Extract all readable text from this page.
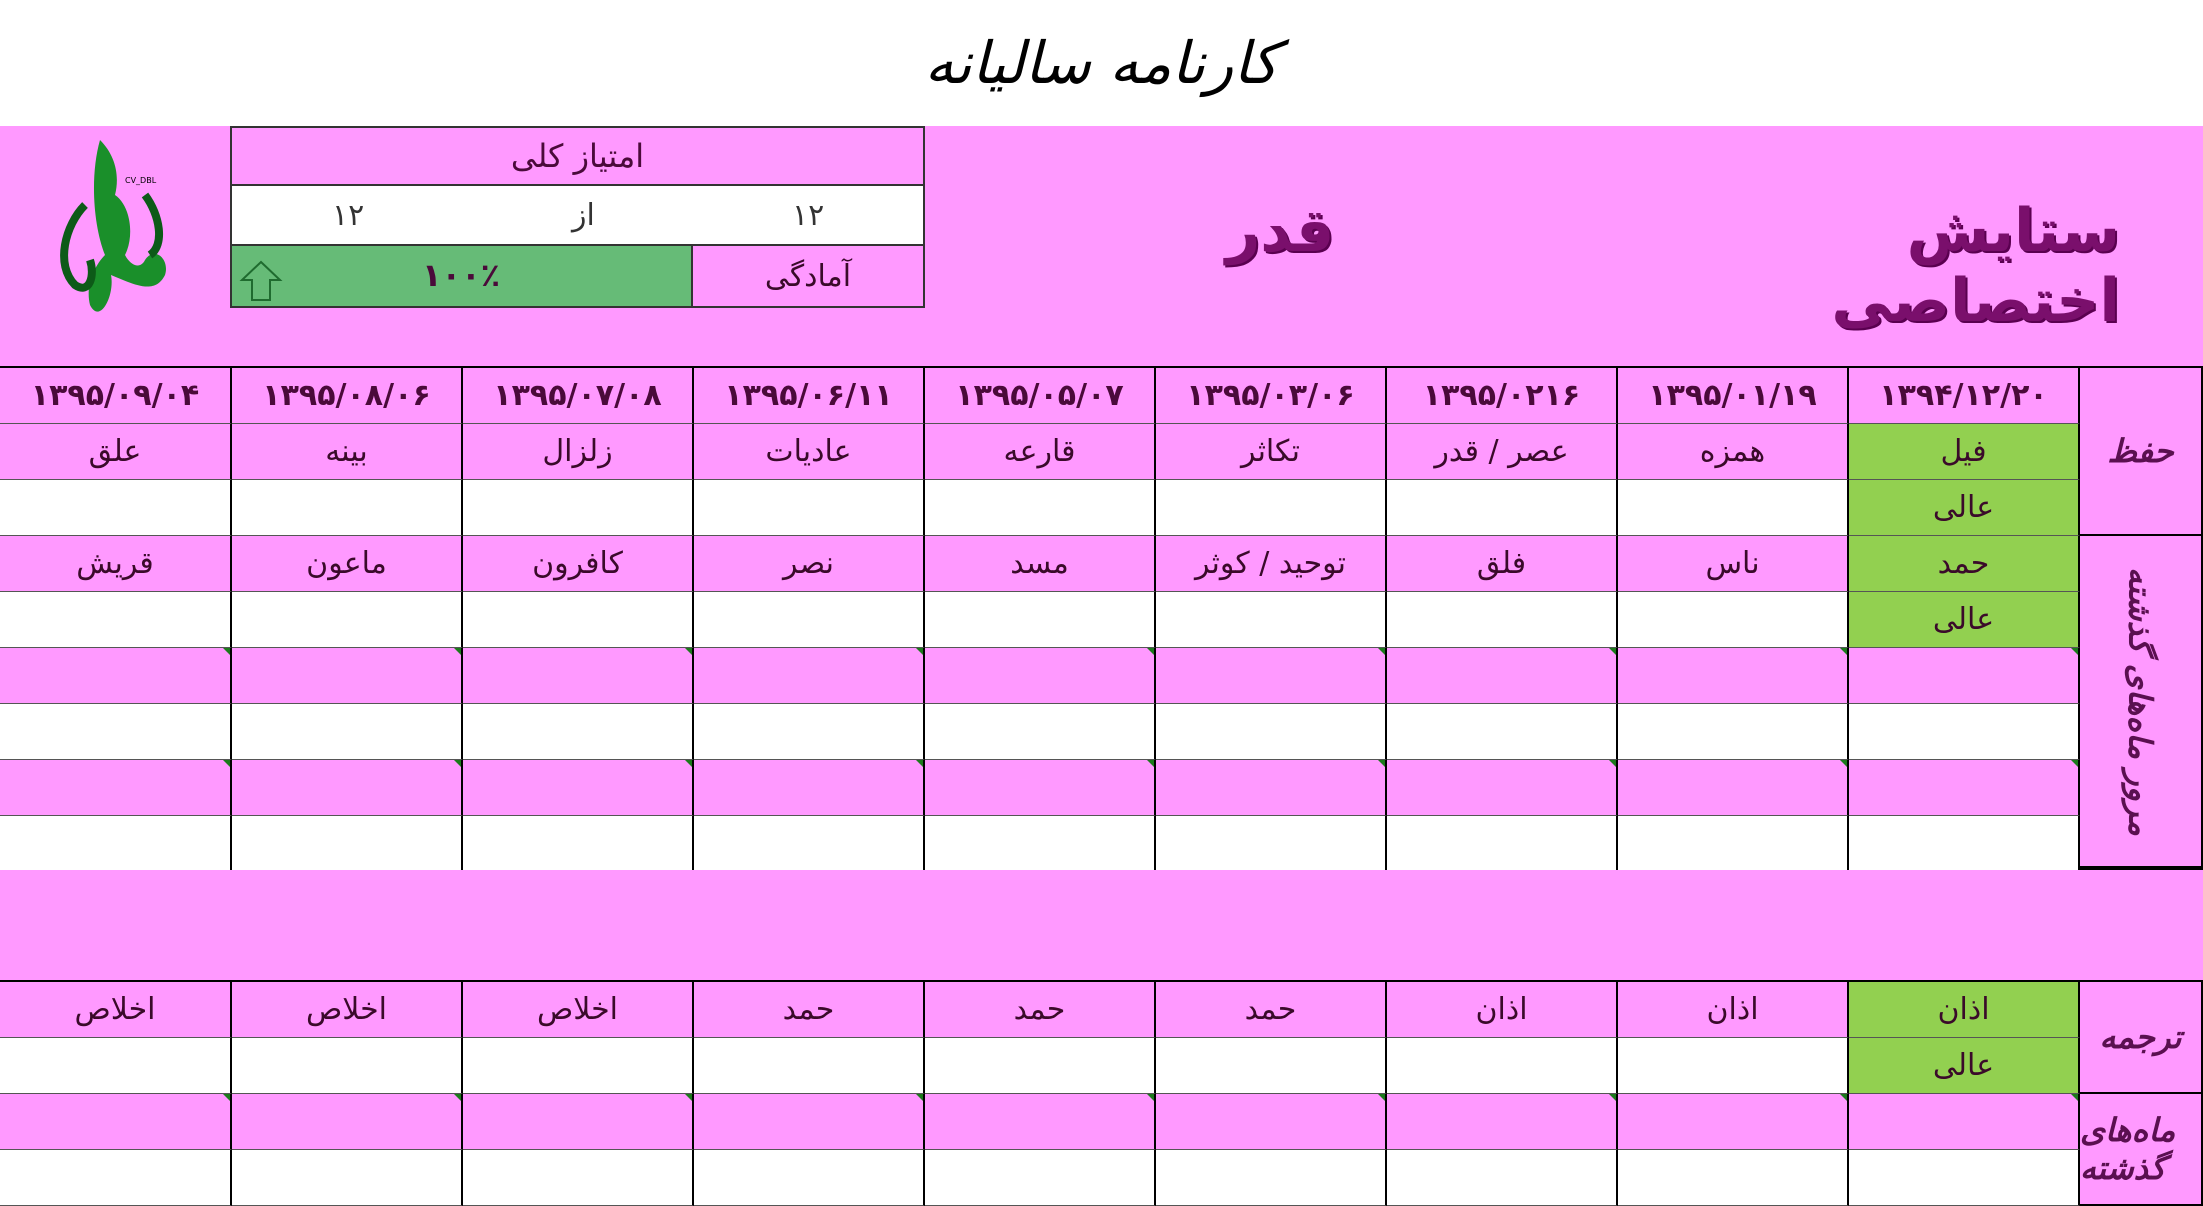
کارنامه سالیانه
ستایش اختصاصی
قدر
امتیاز کلی
۱۲
از
۱۲
۱۰۰٪	آمادگی
CV_DBL
۱۳۹۴/۱۲/۲۰
۱۳۹۵/۰۱/۱۹
۱۳۹۵/۰۲۱۶
۱۳۹۵/۰۳/۰۶
۱۳۹۵/۰۵/۰۷
۱۳۹۵/۰۶/۱۱
۱۳۹۵/۰۷/۰۸
۱۳۹۵/۰۸/۰۶
۱۳۹۵/۰۹/۰۴
فیل
همزه
عصر / قدر
تکاثر
قارعه
عادیات
زلزال
بینه
علق
عالی
حفظ
حمد
ناس
فلق
توحید / کوثر
مسد
نصر
کافرون
ماعون
قریش
عالی	مرور ماه‌های گذشته
اذان
اذان
اذان
حمد
حمد
حمد
اخلاص
اخلاص
اخلاص
عالی
ترجمه
ماه‌های گذشته
